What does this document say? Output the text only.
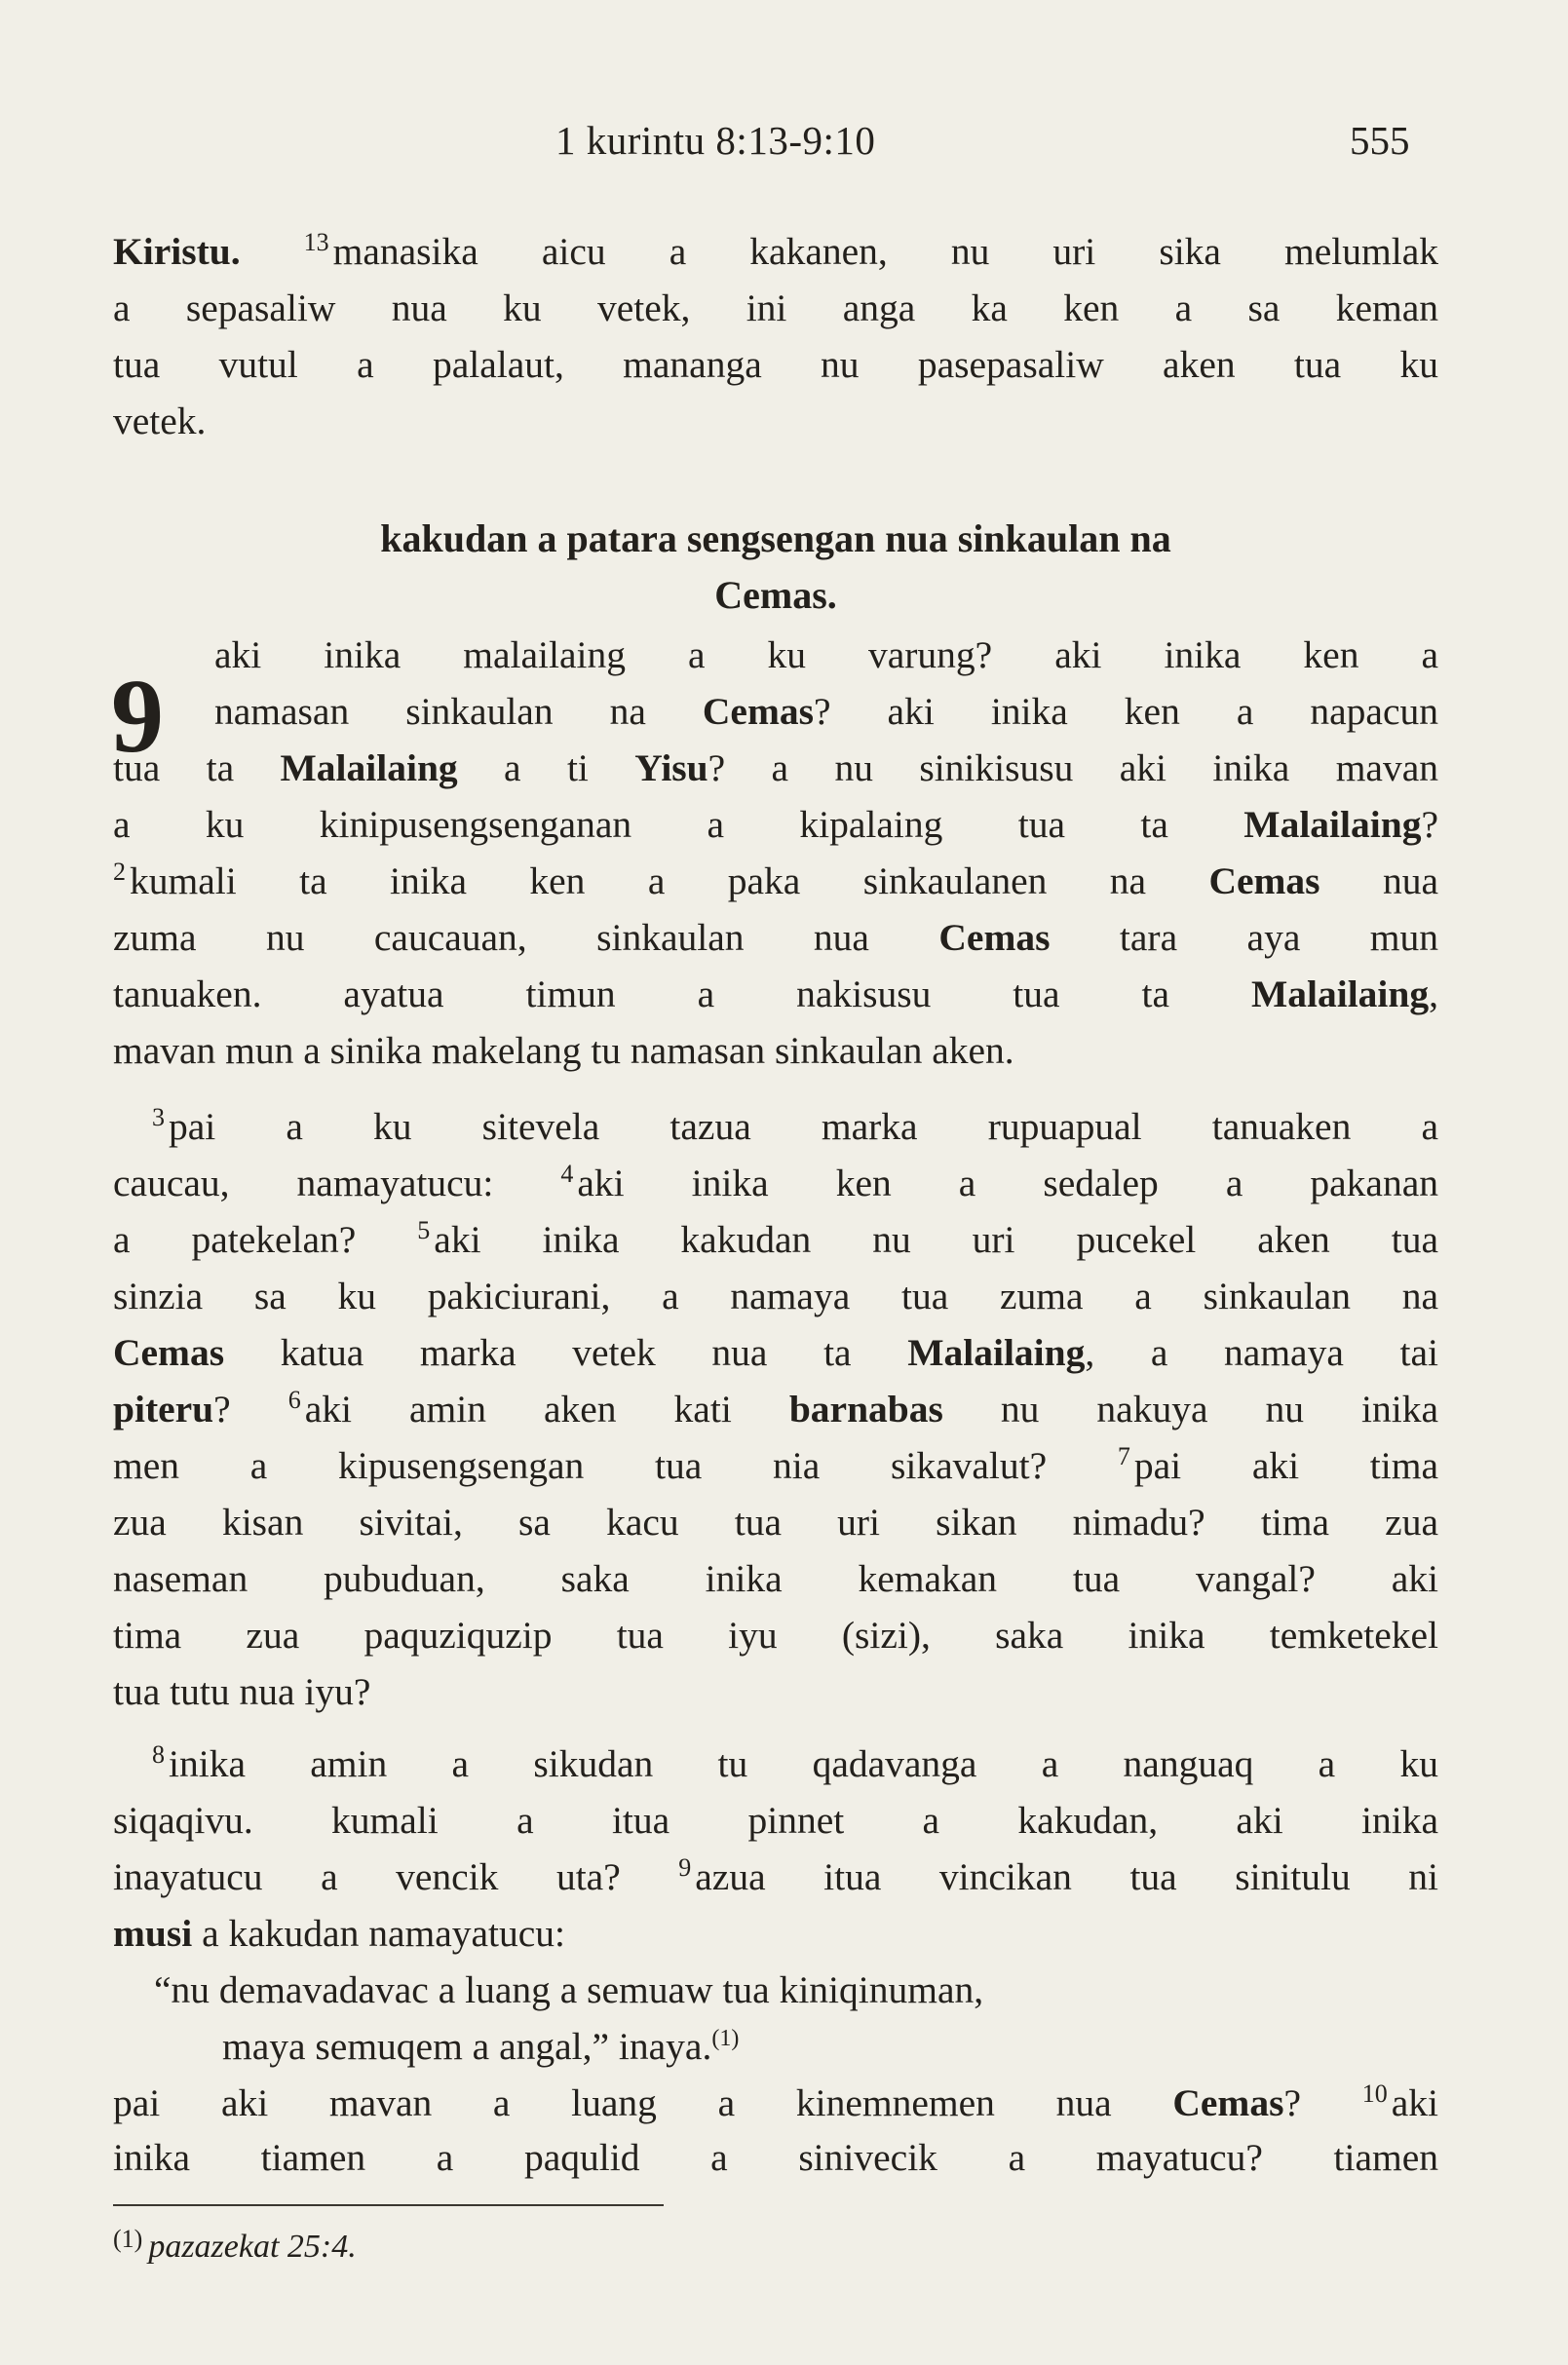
1 kurintu 8:13-9:10	555
Kiristu.	$^{13}$ manasika aicu a kakanen, nu uri sika melumlak
a sepasaliw nua ku vetek, ini anga ka ken a sa keman
tua vutul a palalaut, mananga nu pasepasaliw aken tua ku
vetek.
kakudan a patara sengsengan nua sinkaulan na
Cemas.
9
aki inika malailaing a ku varung? aki inika ken a
namasan sinkaulan na Cemas? aki inika ken a napacun
tua ta Malailaing a ti Yisu? a nu sinikisusu aki inika mavan
a ku kinipusengsenganan a kipalaing tua ta Malailaing?
$^2$ kumali ta inika ken a paka sinkaulanen na Cemas nua
zuma nu caucauan, sinkaulan nua Cemas tara aya mun
tanuaken. ayatua timun a nakisusu tua ta Malailaing,
mavan mun a sinika makelang tu namasan sinkaulan aken.
$^3$ pai a ku sitevela tazua marka rupuapual tanuaken a
caucau, namayatucu: $^4$ aki inika ken a sedalep a pakanan
a patekelan? $^5$ aki inika kakudan nu uri pucekel aken tua
sinzia sa ku pakiciurani, a namaya tua zuma a sinkaulan na
Cemas katua marka vetek nua ta Malailaing, a namaya tai
piteru? $^6$ aki amin aken kati barnabas nu nakuya nu inika
men a kipusengsengan tua nia sikavalut? $^7$ pai aki tima
zua kisan sivitai, sa kacu tua uri sikan nimadu? tima zua
naseman pubuduan, saka inika kemakan tua vangal? aki
tima zua paquziquzip tua iyu (sizi), saka inika temketekel
tua tutu nua iyu?
$^8$ inika amin a sikudan tu qadavanga a nanguaq a ku
siqaqivu. kumali a itua pinnet a kakudan, aki inika
inayatucu a vencik uta? $^9$ azua itua vincikan tua sinitulu ni
musi a kakudan namayatucu:
“nu demavadavac a luang a semuaw tua kiniqinuman,
maya semuqem a angal,” inaya.$^{(1)}$
pai aki mavan a luang a kinemnemen nua Cemas? $^{10}$ aki
inika tiamen a paqulid a sinivecik a mayatucu? tiamen
$^{(1)}$ pazazekat 25:4.
